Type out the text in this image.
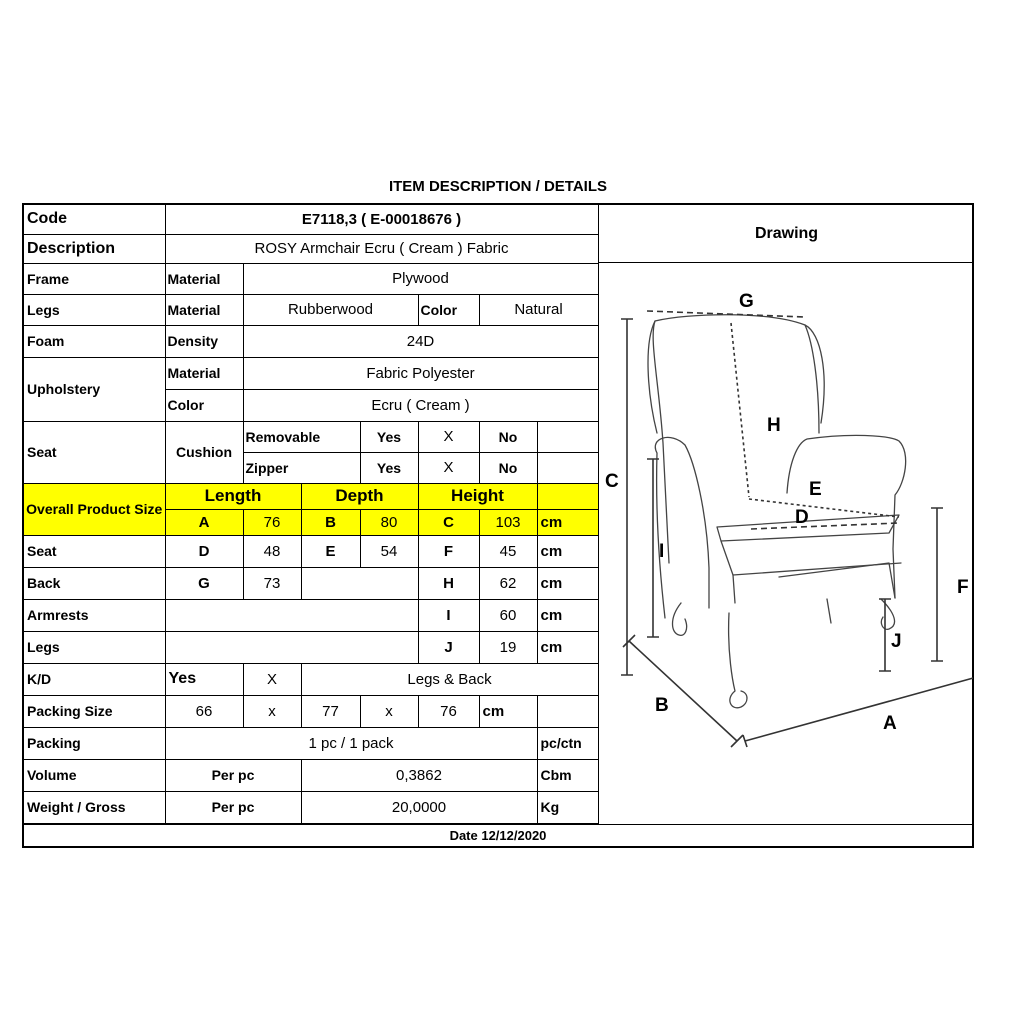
ITEM DESCRIPTION / DETAILS
Code	E7118,3 ( E-00018676 )						
Description	ROSY Armchair Ecru ( Cream ) Fabric						
Frame	Material	Plywood					
Legs	Material	Rubberwood			Color	Natural	
Foam	Density	24D					
Upholstery	Material	Fabric Polyester					
	Color	Ecru ( Cream )					
Seat	Cushion	Removable		Yes	X	No	
		Zipper		Yes	X	No	
Overall Product Size	Length		Depth		Height		
	A	76	B	80	C	103	cm
Seat	D	48	E	54	F	45	cm
Back	G	73			H	62	cm
Armrests					I	60	cm
Legs					J	19	cm
K/D	Yes	X	Legs & Back				
Packing Size	66	x	77	x	76	cm	
Packing	1 pc / 1 pack						pc/ctn
Volume	Per pc		0,3862				Cbm
Weight / Gross	Per pc		20,0000				Kg
Drawing
G
H
E
D
C
I
F
J
B
A
Date 12/12/2020
